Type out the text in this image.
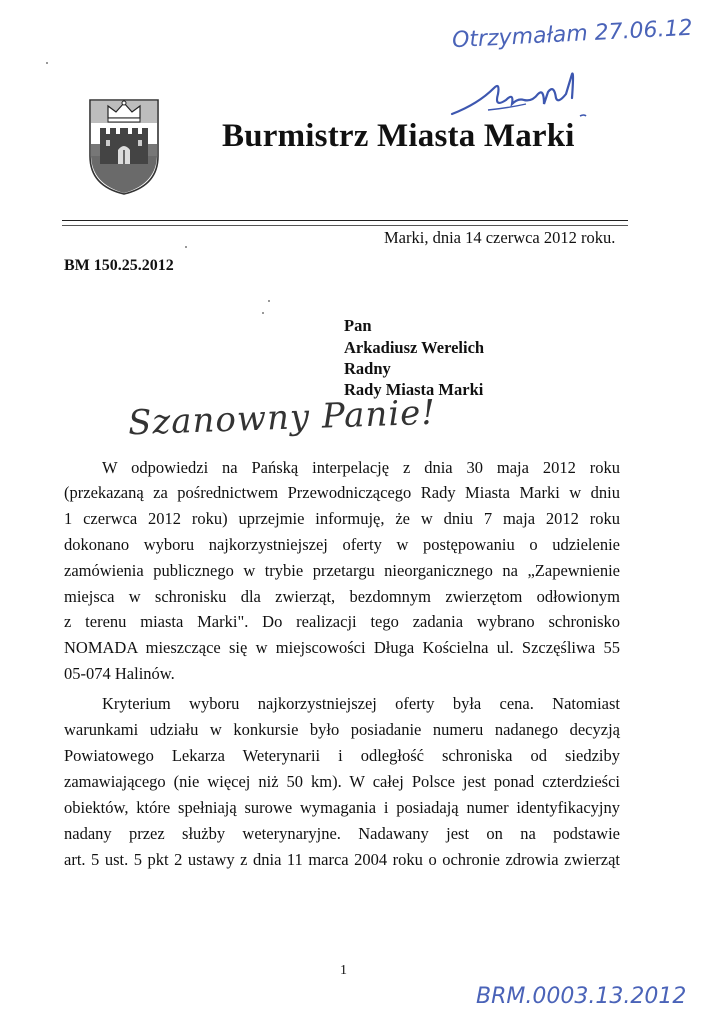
Burmistrz Miasta Marki
Otrzymałam 27.06.12
Marki, dnia 14 czerwca 2012 roku.
BM 150.25.2012
Pan
Arkadiusz Werelich
Radny
Rady Miasta Marki
Szanowny Panie!
W odpowiedzi na Pańską interpelację z dnia 30 maja 2012 roku
(przekazaną za pośrednictwem Przewodniczącego Rady Miasta Marki w dniu
1 czerwca 2012 roku) uprzejmie informuję, że w dniu 7 maja 2012 roku
dokonano wyboru najkorzystniejszej oferty w postępowaniu o udzielenie
zamówienia publicznego w trybie przetargu nieorganicznego na „Zapewnienie
miejsca w schronisku dla zwierząt, bezdomnym zwierzętom odłowionym
z terenu miasta Marki". Do realizacji tego zadania wybrano schronisko
NOMADA mieszczące się w miejscowości Długa Kościelna ul. Szczęśliwa 55
05-074 Halinów.
Kryterium wyboru najkorzystniejszej oferty była cena. Natomiast
warunkami udziału w konkursie było posiadanie numeru nadanego decyzją
Powiatowego Lekarza Weterynarii i odległość schroniska od siedziby
zamawiającego (nie więcej niż 50 km). W całej Polsce jest ponad czterdzieści
obiektów, które spełniają surowe wymagania i posiadają numer identyfikacyjny
nadany przez służby weterynaryjne. Nadawany jest on na podstawie
art. 5 ust. 5 pkt 2 ustawy z dnia 11 marca 2004 roku o ochronie zdrowia zwierząt
1
BRM.0003.13.2012
